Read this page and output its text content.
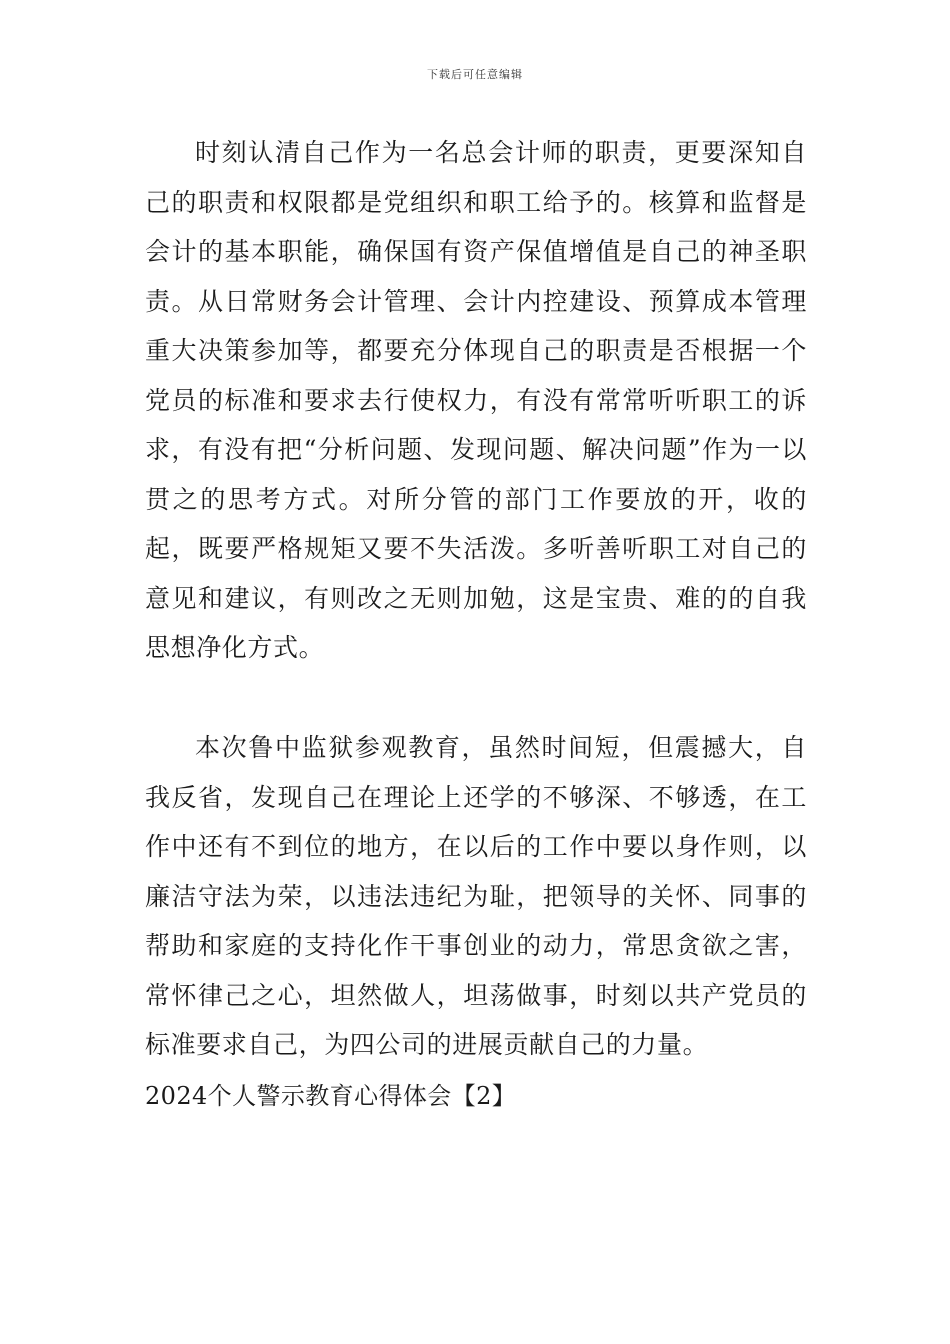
下载后可任意编辑

时刻认清自己作为一名总会计师的职责，更要深知自己的职责和权限都是党组织和职工给予的。核算和监督是会计的基本职能，确保国有资产保值增值是自己的神圣职责。从日常财务会计管理、会计内控建设、预算成本管理重大决策参加等，都要充分体现自己的职责是否根据一个党员的标准和要求去行使权力，有没有常常听听职工的诉求，有没有把“分析问题、发现问题、解决问题”作为一以贯之的思考方式。对所分管的部门工作要放的开，收的起，既要严格规矩又要不失活泼。多听善听职工对自己的意见和建议，有则改之无则加勉，这是宝贵、难的的自我思想净化方式。

本次鲁中监狱参观教育，虽然时间短，但震撼大，自我反省，发现自己在理论上还学的不够深、不够透，在工作中还有不到位的地方，在以后的工作中要以身作则，以廉洁守法为荣，以违法违纪为耻，把领导的关怀、同事的帮助和家庭的支持化作干事创业的动力，常思贪欲之害，常怀律己之心，坦然做人，坦荡做事，时刻以共产党员的标准要求自己，为四公司的进展贡献自己的力量。

2024个人警示教育心得体会【2】
